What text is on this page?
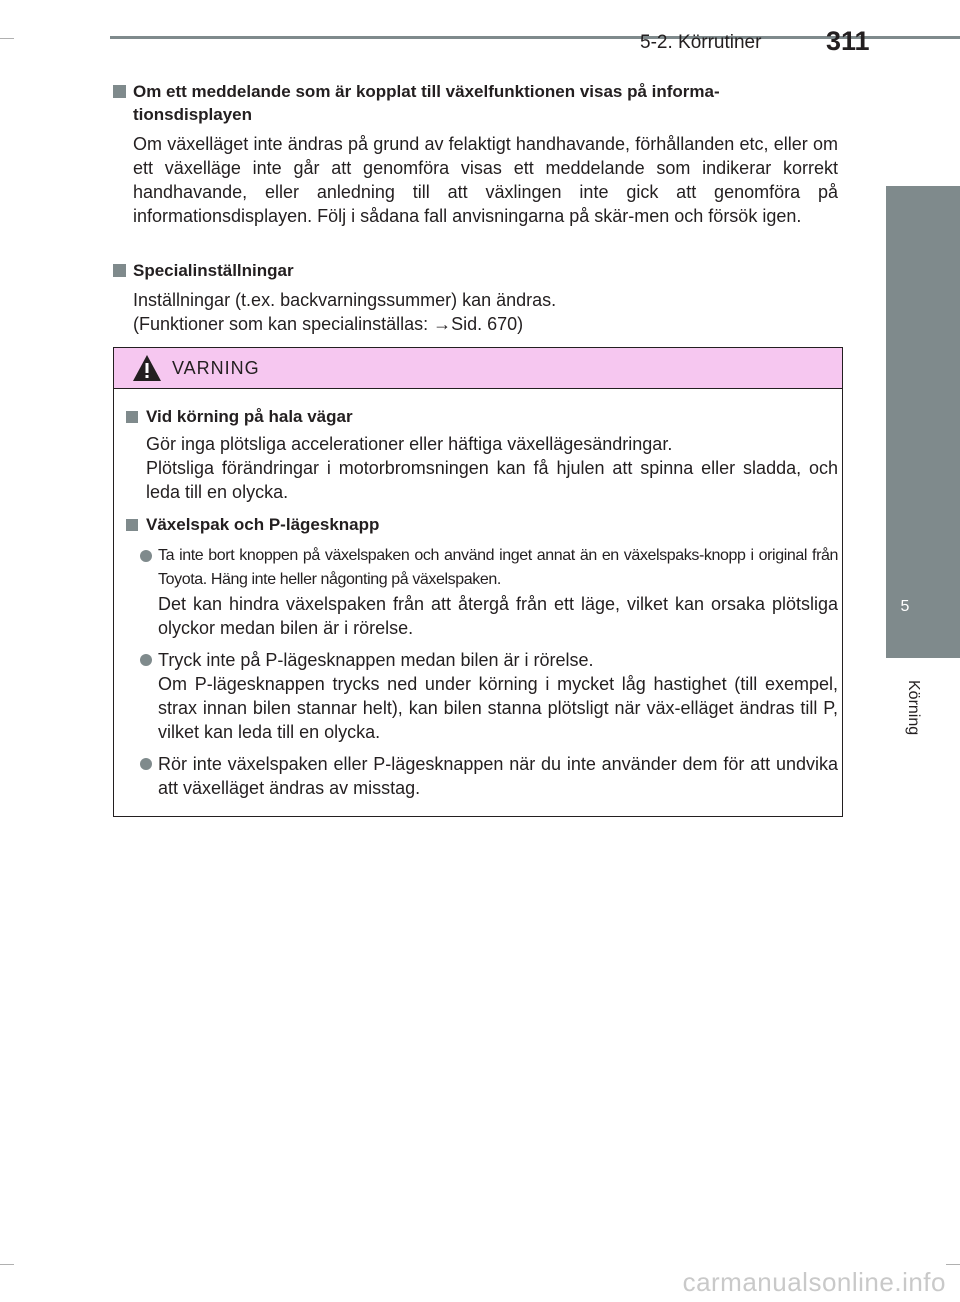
5-2. Körrutiner 311
5
Körning
Om ett meddelande som är kopplat till växelfunktionen visas på informa-tionsdisplayen
Om växelläget inte ändras på grund av felaktigt handhavande, förhållanden etc, eller om ett växelläge inte går att genomföra visas ett meddelande som indikerar korrekt handhavande, eller anledning till att växlingen inte gick att genomföra på informationsdisplayen. Följ i sådana fall anvisningarna på skär-men och försök igen.
Specialinställningar
Inställningar (t.ex. backvarningssummer) kan ändras.
(Funktioner som kan specialinställas: →Sid. 670)
VARNING
Vid körning på hala vägar
Gör inga plötsliga accelerationer eller häftiga växellägesändringar.
Plötsliga förändringar i motorbromsningen kan få hjulen att spinna eller sladda, och leda till en olycka.
Växelspak och P-lägesknapp
Ta inte bort knoppen på växelspaken och använd inget annat än en växelspaks-knopp i original från Toyota. Häng inte heller någonting på växelspaken.
Det kan hindra växelspaken från att återgå från ett läge, vilket kan orsaka plötsliga olyckor medan bilen är i rörelse.
Tryck inte på P-lägesknappen medan bilen är i rörelse.
Om P-lägesknappen trycks ned under körning i mycket låg hastighet (till exempel, strax innan bilen stannar helt), kan bilen stanna plötsligt när väx-elläget ändras till P, vilket kan leda till en olycka.
Rör inte växelspaken eller P-lägesknappen när du inte använder dem för att undvika att växelläget ändras av misstag.
carmanualsonline.info
